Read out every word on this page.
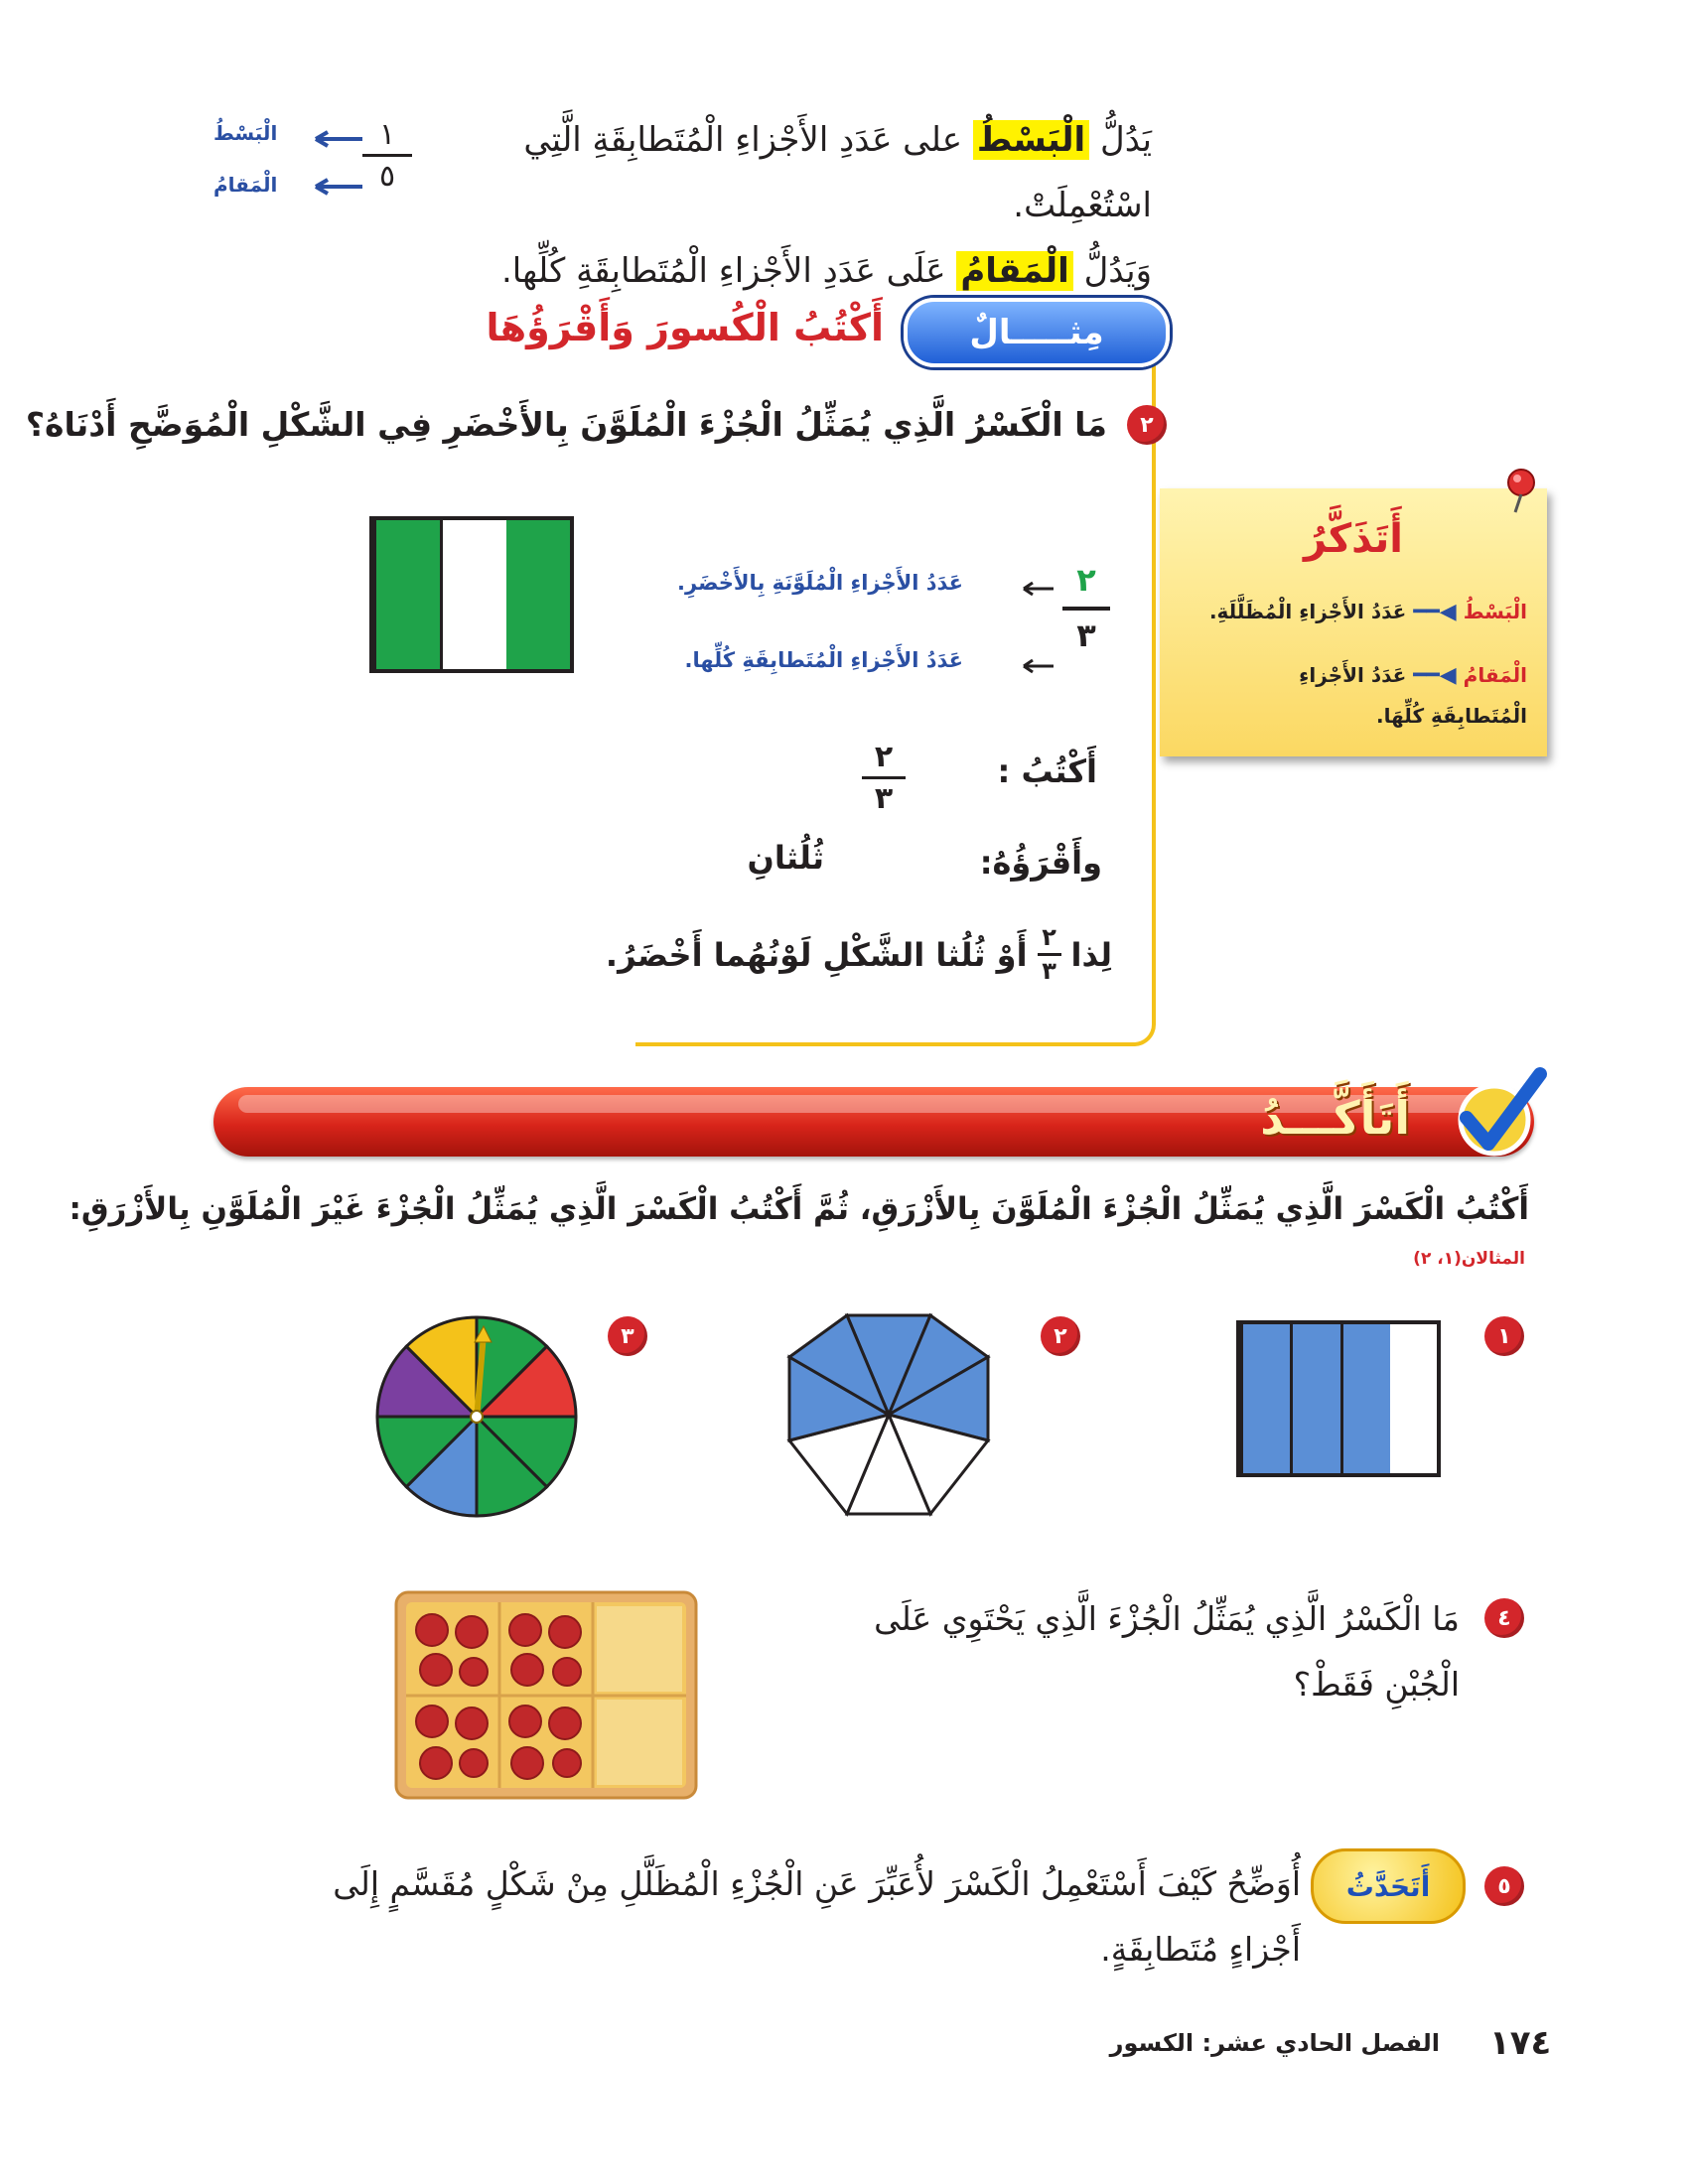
يَدُلُّ الْبَسْطُ على عَدَدِ الأَجْزاءِ الْمُتَطابِقَةِ الَّتِي اسْتُعْمِلَتْ.
وَيَدُلُّ الْمَقامُ عَلَى عَدَدِ الأَجْزاءِ الْمُتَطابِقَةِ كُلِّها.
الْبَسْطُ
الْمَقامُ
١
٥
مِثـــــالٌ
أَكْتُبُ الْكُسورَ وَأَقْرَؤُهَا
٢
مَا الْكَسْرُ الَّذِي يُمَثِّلُ الْجُزْءَ الْمُلَوَّنَ بِالأَخْضَرِ فِي الشَّكْلِ الْمُوَضَّحِ أَدْنَاهُ؟
عَدَدُ الأَجْزاءِ الْمُلَوَّنَةِ بِالأَخْضَرِ.
عَدَدُ الأَجْزاءِ الْمُتَطابِقَةِ كُلِّها.
٢
٣
أَكْتُبُ :
٢
٣
وأَقْرَؤُهُ:
ثُلُثانِ
لِذا
$\frac{٢}{٣}$
أَوْ ثُلُثا الشَّكْلِ لَوْنُهُما أَخْضَرُ.
أَتَذَكَّرُ
الْبَسْطُ ◀━━ عَدَدُ الأَجْزاءِ الْمُظَلَّلَةِ.
الْمَقامُ ◀━━ عَدَدُ الأَجْزاءِ الْمُتَطابِقَةِ كُلِّهَا.
أَتَأَكَّـــدُ
أَكْتُبُ الْكَسْرَ الَّذِي يُمَثِّلُ الْجُزْءَ الْمُلَوَّنَ بِالأَزْرَقِ، ثُمَّ أَكْتُبُ الْكَسْرَ الَّذِي يُمَثِّلُ الْجُزْءَ غَيْرَ الْمُلَوَّنِ بِالأَزْرَقِ:
المثالان(١، ٢)
١
٢
٣
٤
مَا الْكَسْرُ الَّذِي يُمَثِّلُ الْجُزْءَ الَّذِي يَحْتَوِي عَلَى الْجُبْنِ فَقَطْ؟
٥
أَتَحَدَّثُ
أُوَضِّحُ كَيْفَ أَسْتَعْمِلُ الْكَسْرَ لأُعَبِّرَ عَنِ الْجُزْءِ الْمُظَلَّلِ مِنْ شَكْلٍ مُقَسَّمٍ إِلَى أَجْزاءٍ مُتَطابِقَةٍ.
١٧٤
الفصل الحادي عشر: الكسور
